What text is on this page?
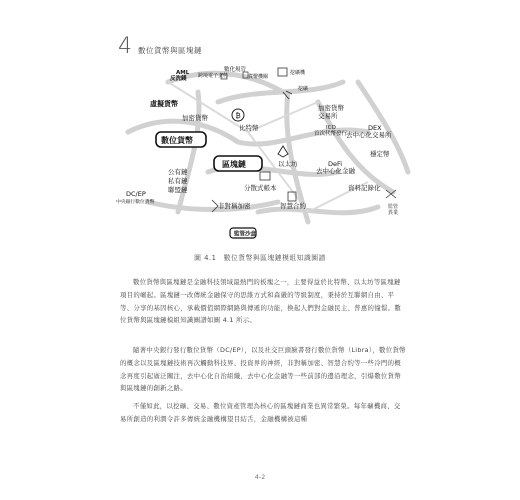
4 數位貨幣與區塊鏈
AML 反洗錢	跨境電子支付
數化規管
貨幣機關
挖礦機
挖礦
虛擬貨幣
加密貨幣
數位貨幣
₿
比特幣
加密貨幣交易所
ICO 首次代幣發行
DEX 去中心化交易所
區塊鏈	以太坊	DeFi 去中心化金融
穩定幣
公有鏈
私有鏈
聯盟鏈	分散式帳本	資料記錄化
DC/EP 中央銀行數位貨幣	非對稱加密	智慧合約	監管異業
監管沙盒
圖 4.1　數位貨幣與區塊鏈模組知識圖譜

數位貨幣與區塊鏈是金融科技領域最熱門的板塊之一，主要得益於比特幣、以太坊等區塊鏈項目的崛起。區塊鏈一改傳統金融保守的思維方式和森嚴的等級制度，秉持於互聯網自由、平等、分享的基因核心，承載價值網際網路與傳遞的功能，換起人們對金融民主、普惠的憧憬。數位貨幣與區塊鏈模組知識圖譜如圖 4.1 所示。

隨著中央銀行發行數位貨幣（DC/EP），以及社交巨頭臉書發行數位貨幣（Libra），數位貨幣的概念以及區塊鏈技術再次觸動科技界、投資界的神經，非對稱加密、智慧合約等一些冷門的概念再度引起廣泛關注，去中心化自治組織、去中心化金融等一些前部的邊沿理念，引爆數位貨幣與區塊鏈的創新之路。

不僅如此，以挖礦、交易、數位資產管理為核心的區塊鏈商業也異常繁榮。每年礦機商、交易所創造的利潤令許多傳統金融機構望目結舌，金融機構被這種

4-2
